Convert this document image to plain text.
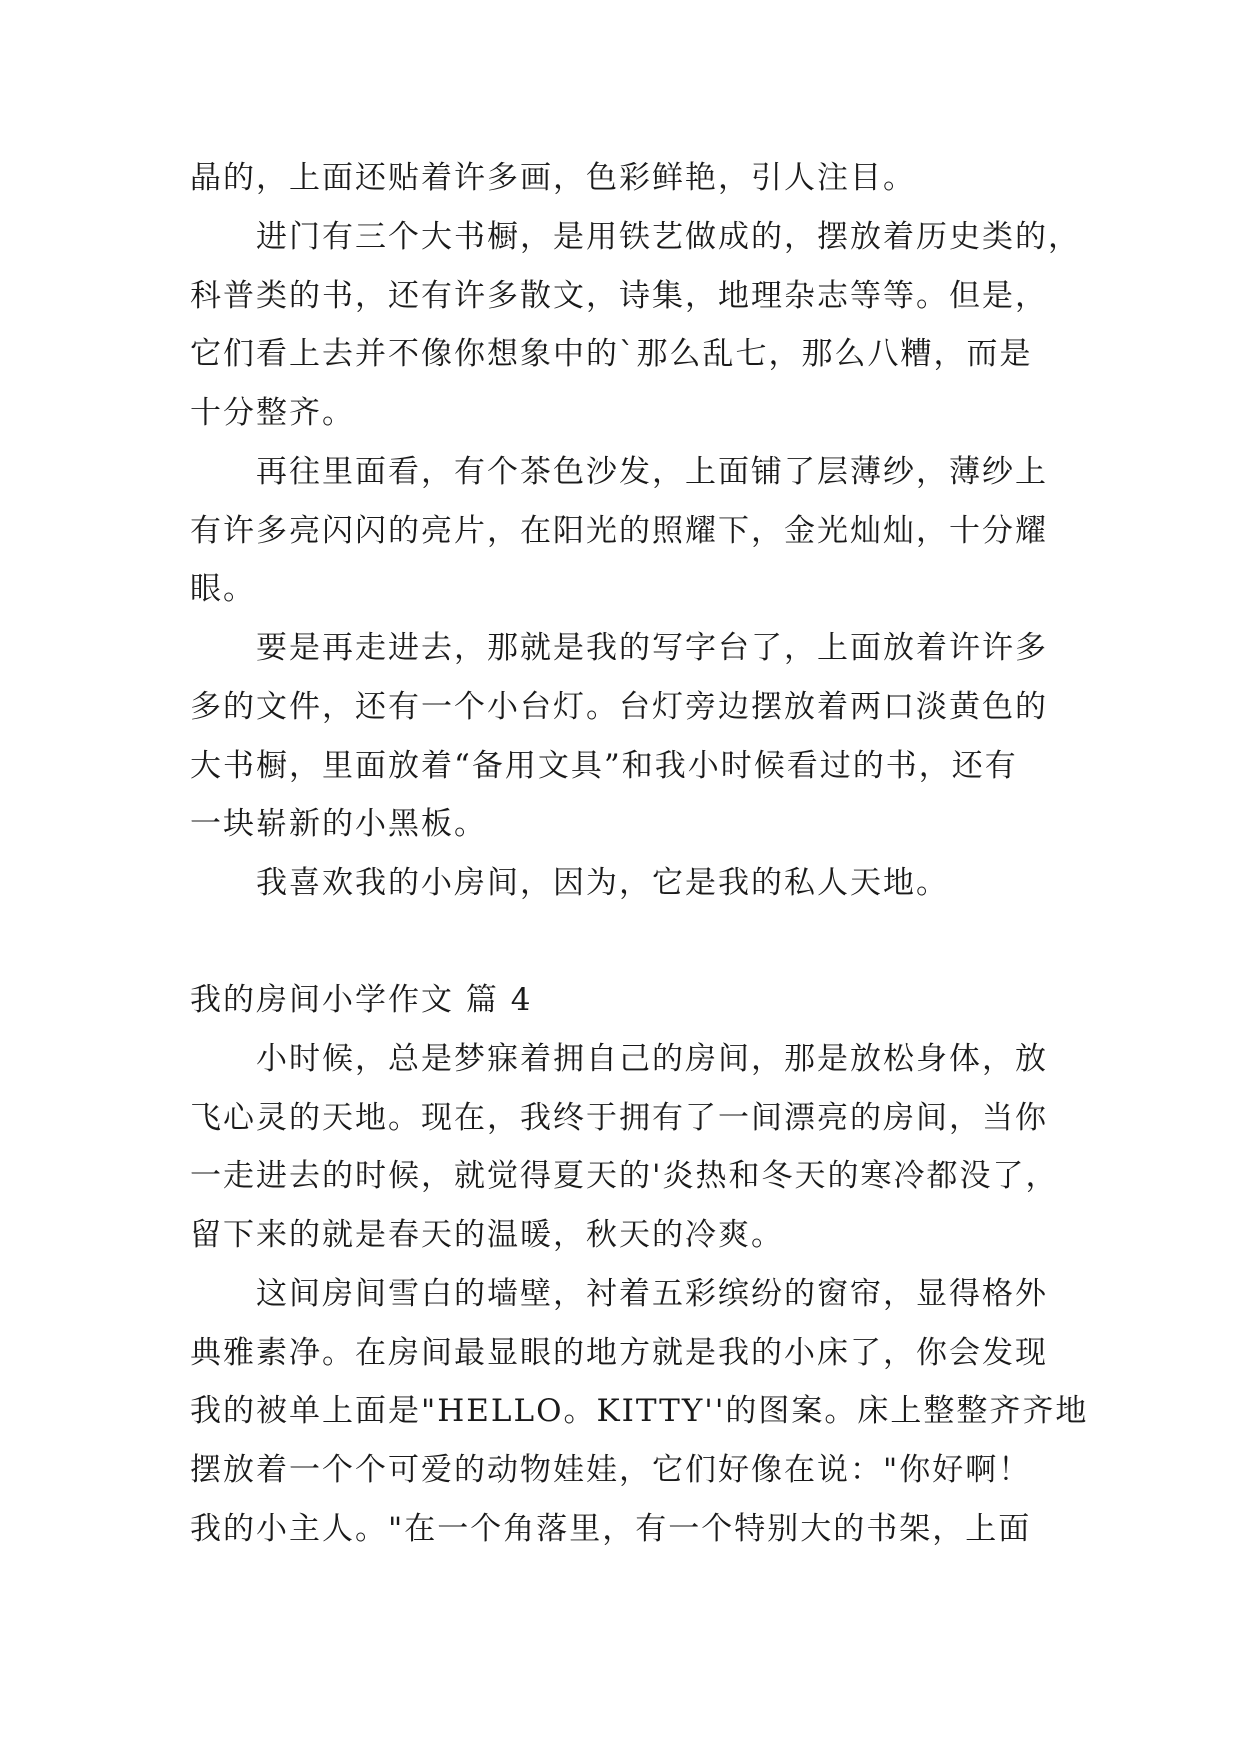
晶的，上面还贴着许多画，色彩鲜艳，引人注目。
进门有三个大书橱，是用铁艺做成的，摆放着历史类的，
科普类的书，还有许多散文，诗集，地理杂志等等。但是，
它们看上去并不像你想象中的`那么乱七，那么八糟，而是
十分整齐。
再往里面看，有个茶色沙发，上面铺了层薄纱，薄纱上
有许多亮闪闪的亮片，在阳光的照耀下，金光灿灿，十分耀
眼。
要是再走进去，那就是我的写字台了，上面放着许许多
多的文件，还有一个小台灯。台灯旁边摆放着两口淡黄色的
大书橱，里面放着“备用文具”和我小时候看过的书，还有
一块崭新的小黑板。
我喜欢我的小房间，因为，它是我的私人天地。
我的房间小学作文 篇 4
小时候，总是梦寐着拥自己的房间，那是放松身体，放
飞心灵的天地。现在，我终于拥有了一间漂亮的房间，当你
一走进去的时候，就觉得夏天的'炎热和冬天的寒冷都没了，
留下来的就是春天的温暖，秋天的冷爽。
这间房间雪白的墙壁，衬着五彩缤纷的窗帘，显得格外
典雅素净。在房间最显眼的地方就是我的小床了，你会发现
我的被单上面是"HELLO。KITTY''的图案。床上整整齐齐地
摆放着一个个可爱的动物娃娃，它们好像在说："你好啊！
我的小主人。"在一个角落里，有一个特别大的书架，上面
